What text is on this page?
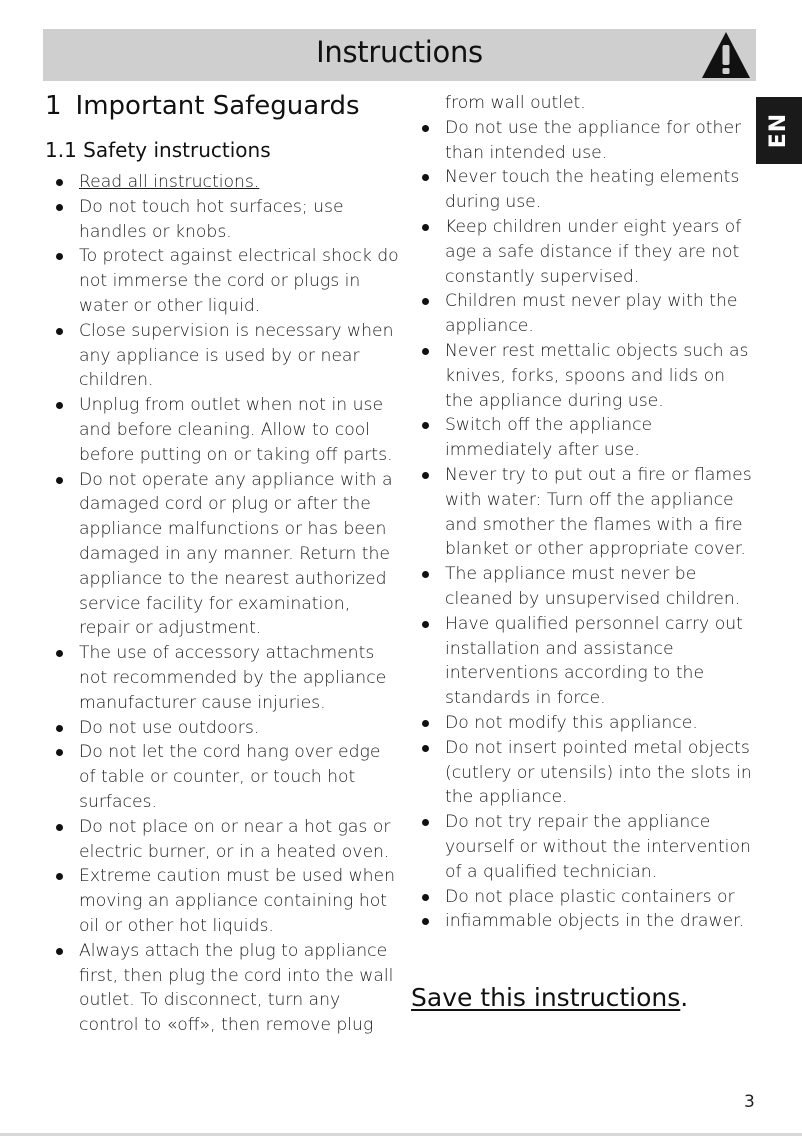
Instructions
EN
1 Important Safeguards
1.1 Safety instructions
Read all instructions.
Do not touch hot surfaces; use handles or knobs.
To protect against electrical shock do not immerse the cord or plugs in water or other liquid.
Close supervision is necessary when any appliance is used by or near children.
Unplug from outlet when not in use and before cleaning. Allow to cool before putting on or taking off parts.
Do not operate any appliance with a damaged cord or plug or after the appliance malfunctions or has been damaged in any manner. Return the appliance to the nearest authorized service facility for examination, repair or adjustment.
The use of accessory attachments not recommended by the appliance manufacturer cause injuries.
Do not use outdoors.
Do not let the cord hang over edge of table or counter, or touch hot surfaces.
Do not place on or near a hot gas or electric burner, or in a heated oven.
Extreme caution must be used when moving an appliance containing hot oil or other hot liquids.
Always attach the plug to appliance first, then plug the cord into the wall outlet. To disconnect, turn any control to «off», then remove plug
from wall outlet.
Do not use the appliance for other than intended use.
Never touch the heating elements during use.
Keep children under eight years of age a safe distance if they are not constantly supervised.
Children must never play with the appliance.
Never rest mettalic objects such as knives, forks, spoons and lids on the appliance during use.
Switch off the appliance immediately after use.
Never try to put out a fire or flames with water: Turn off the appliance and smother the flames with a fire blanket or other appropriate cover.
The appliance must never be cleaned by unsupervised children.
Have qualified personnel carry out installation and assistance interventions according to the standards in force.
Do not modify this appliance.
Do not insert pointed metal objects (cutlery or utensils) into the slots in the appliance.
Do not try repair the appliance yourself or without the intervention of a qualified technician.
Do not place plastic containers or
infiammable objects in the drawer.
Save this instructions.
3
